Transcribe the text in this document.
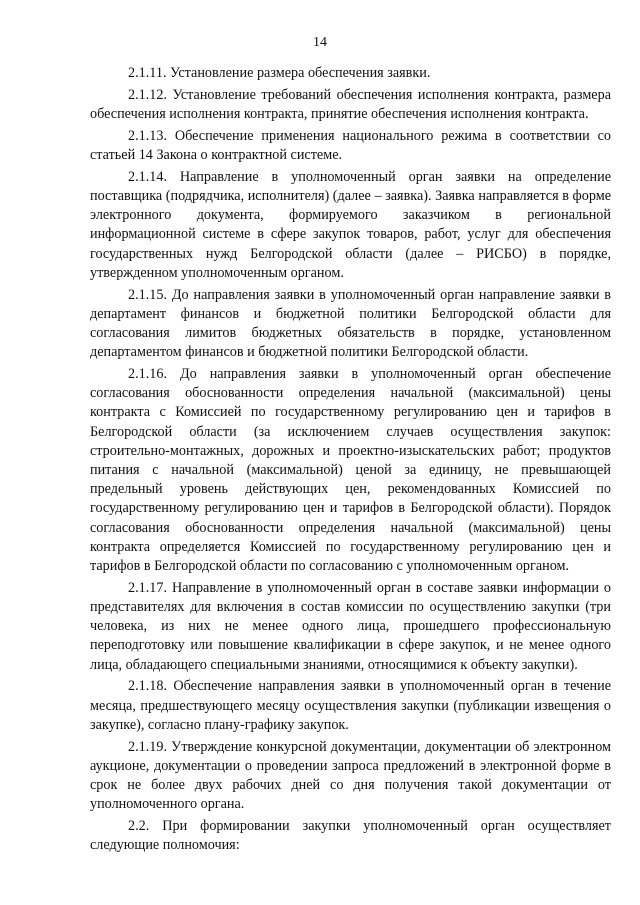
14

2.1.11. Установление размера обеспечения заявки.

2.1.12. Установление требований обеспечения исполнения контракта, размера обеспечения исполнения контракта, принятие обеспечения исполнения контракта.

2.1.13. Обеспечение применения национального режима в соответствии со статьей 14 Закона о контрактной системе.

2.1.14. Направление в уполномоченный орган заявки на определение поставщика (подрядчика, исполнителя) (далее – заявка). Заявка направляется в форме электронного документа, формируемого заказчиком в региональной информационной системе в сфере закупок товаров, работ, услуг для обеспечения государственных нужд Белгородской области (далее – РИСБО) в порядке, утвержденном уполномоченным органом.

2.1.15. До направления заявки в уполномоченный орган направление заявки в департамент финансов и бюджетной политики Белгородской области для согласования лимитов бюджетных обязательств в порядке, установленном департаментом финансов и бюджетной политики Белгородской области.

2.1.16. До направления заявки в уполномоченный орган обеспечение согласования обоснованности определения начальной (максимальной) цены контракта с Комиссией по государственному регулированию цен и тарифов в Белгородской области (за исключением случаев осуществления закупок: строительно-монтажных, дорожных и проектно-изыскательских работ; продуктов питания с начальной (максимальной) ценой за единицу, не превышающей предельный уровень действующих цен, рекомендованных Комиссией по государственному регулированию цен и тарифов в Белгородской области). Порядок согласования обоснованности определения начальной (максимальной) цены контракта определяется Комиссией по государственному регулированию цен и тарифов в Белгородской области по согласованию с уполномоченным органом.

2.1.17. Направление в уполномоченный орган в составе заявки информации о представителях для включения в состав комиссии по осуществлению закупки (три человека, из них не менее одного лица, прошедшего профессиональную переподготовку или повышение квалификации в сфере закупок, и не менее одного лица, обладающего специальными знаниями, относящимися к объекту закупки).

2.1.18. Обеспечение направления заявки в уполномоченный орган в течение месяца, предшествующего месяцу осуществления закупки (публикации извещения о закупке), согласно плану-графику закупок.

2.1.19. Утверждение конкурсной документации, документации об электронном аукционе, документации о проведении запроса предложений в электронной форме в срок не более двух рабочих дней со дня получения такой документации от уполномоченного органа.

2.2. При формировании закупки уполномоченный орган осуществляет следующие полномочия:
